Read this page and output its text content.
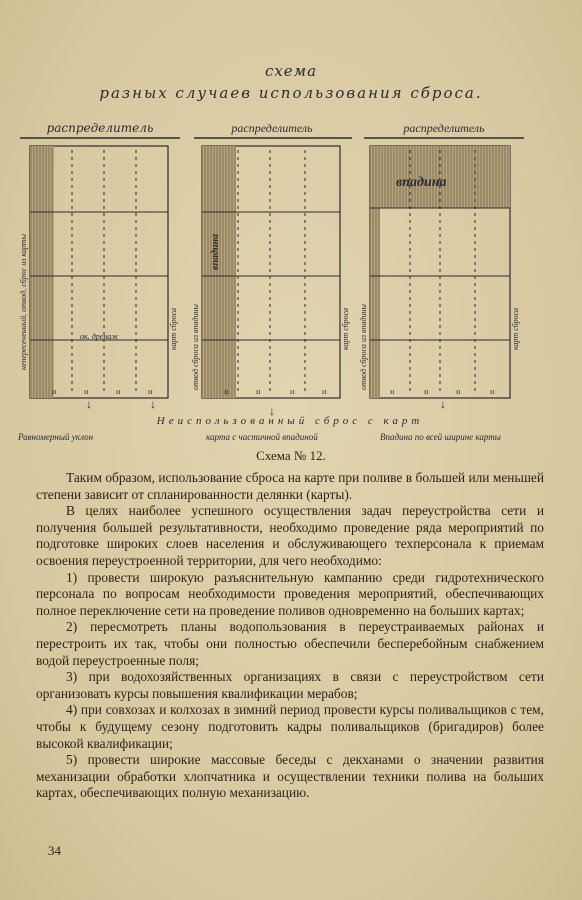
схема
разных случаев использования сброса.
распределитель
непересеченный, отвод, сброс из карты	карт сброса
ок. дренаж
ıı	ıı	ıı	ıı
↓	↓
Равномерный уклон
распределитель
впадина
отвод сброса из впадины	карт сброса
ıı	ıı	ıı	ıı
↓
карта с частичной впадиной
распределитель
впадина
отвод сброса из впадины	карт сброса
ıı	ıı	ıı	ıı
↓
Впадина по всей ширине карты
Неиспользованный сброс с карт
Схема № 12.

Таким образом, использование сброса на карте при поливе в большей или меньшей степени зависит от спланированности делянки (карты).

В целях наиболее успешного осуществления задач переустройства сети и получения большей результативности, необходимо проведение ряда мероприятий по подготовке широких слоев населения и обслуживающего техперсонала к приемам освоения переустроенной территории, для чего необходимо:

1) провести широкую разъяснительную кампанию среди гидротехнического персонала по вопросам необходимости проведения мероприятий, обеспечивающих полное переключение сети на проведение поливов одновременно на больших картах;

2) пересмотреть планы водопользования в переустраиваемых районах и перестроить их так, чтобы они полностью обеспечили бесперебойным снабжением водой переустроенные поля;

3) при водохозяйственных организациях в связи с переустройством сети организовать курсы повышения квалификации мерабов;

4) при совхозах и колхозах в зимний период провести курсы поливальщиков с тем, чтобы к будущему сезону подготовить кадры поливальщиков (бригадиров) более высокой квалификации;

5) провести широкие массовые беседы с декханами о значении развития механизации обработки хлопчатника и осуществлении техники полива на больших картах, обеспечивающих полную механизацию.

34
